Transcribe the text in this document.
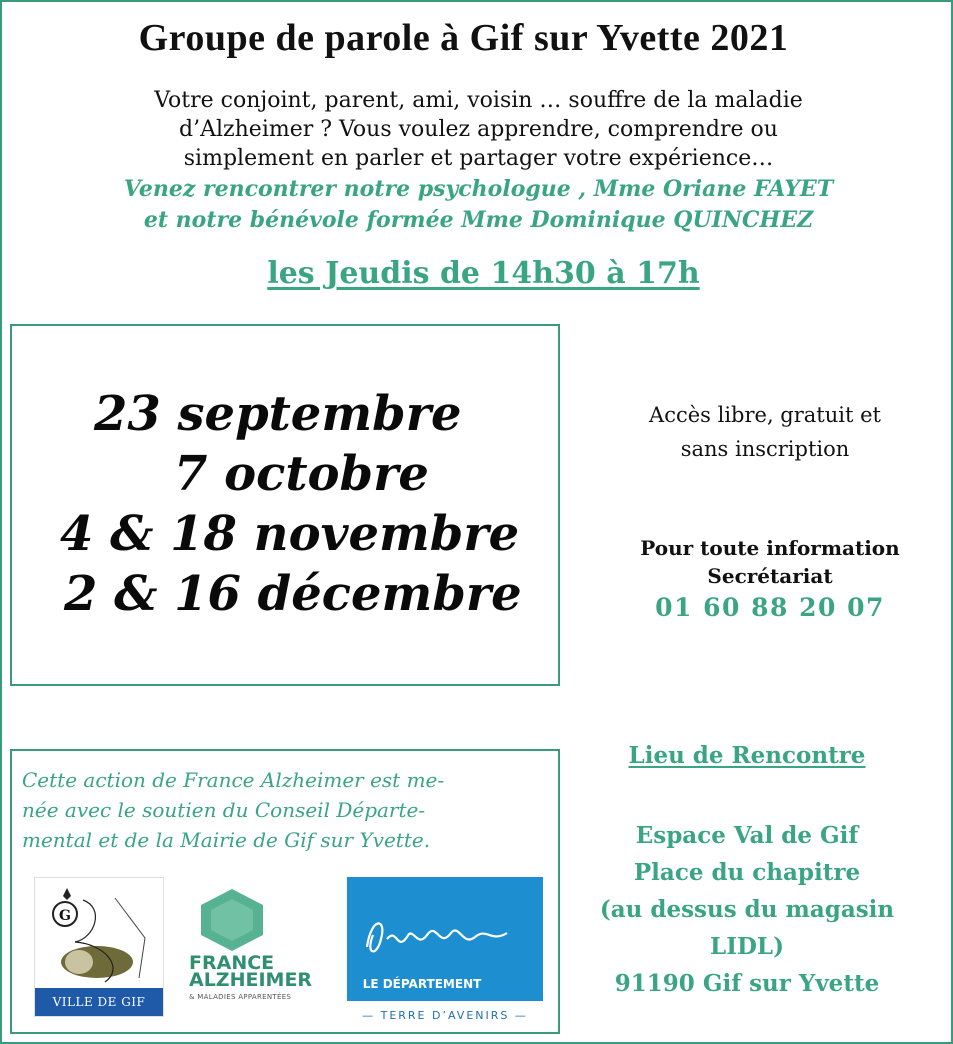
Groupe de parole à Gif sur Yvette 2021
Votre conjoint, parent, ami, voisin … souffre de la maladie
d’Alzheimer ? Vous voulez apprendre, comprendre ou
simplement en parler et partager votre expérience…
Venez rencontrer notre psychologue , Mme Oriane FAYET
et notre bénévole formée Mme Dominique QUINCHEZ
les Jeudis de 14h30 à 17h
23 septembre
7 octobre
4 & 18 novembre
2 & 16 décembre
Accès libre, gratuit et
sans inscription
Pour toute information
Secrétariat
01 60 88 20 07
Lieu de Rencontre
Espace Val de Gif
Place du chapitre
(au dessus du magasin
LIDL)
91190 Gif sur Yvette
Cette action de France Alzheimer est me-
née avec le soutien du Conseil Départe-
mental et de la Mairie de Gif sur Yvette.
G
VILLE DE GIF
FRANCE
ALZHEIMER
& MALADIES APPARENTÉES
LE DÉPARTEMENT
— TERRE D’AVENIRS —
